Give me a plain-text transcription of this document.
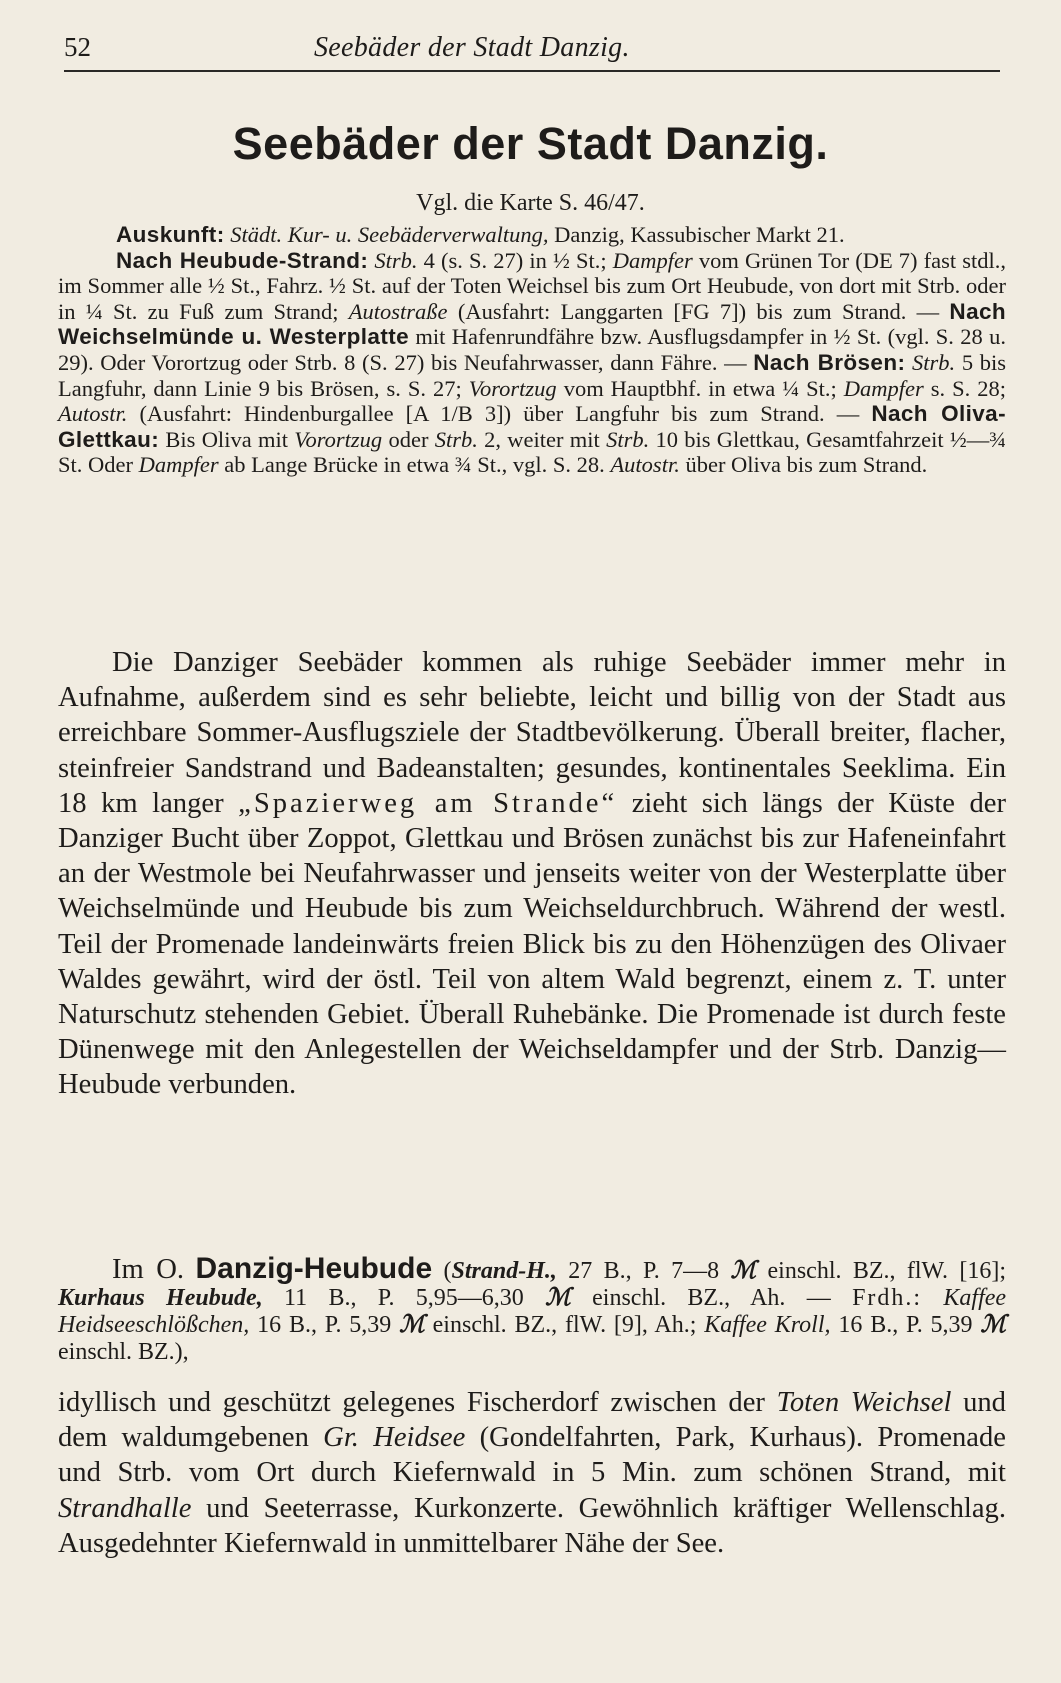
52	Seebäder der Stadt Danzig.
Seebäder der Stadt Danzig.
Vgl. die Karte S. 46/47.

Auskunft: Städt. Kur- u. Seebäderverwaltung, Danzig, Kassubischer Markt 21.

Nach Heubude-Strand: Strb. 4 (s. S. 27) in ½ St.; Dampfer vom Grünen Tor (DE 7) fast stdl., im Sommer alle ½ St., Fahrz. ½ St. auf der Toten Weichsel bis zum Ort Heubude, von dort mit Strb. oder in ¼ St. zu Fuß zum Strand; Autostraße (Ausfahrt: Langgarten [FG 7]) bis zum Strand. — Nach Weichselmünde u. Westerplatte mit Hafenrundfähre bzw. Ausflugsdampfer in ½ St. (vgl. S. 28 u. 29). Oder Vorortzug oder Strb. 8 (S. 27) bis Neufahrwasser, dann Fähre. — Nach Brösen: Strb. 5 bis Langfuhr, dann Linie 9 bis Brösen, s. S. 27; Vorortzug vom Hauptbhf. in etwa ¼ St.; Dampfer s. S. 28; Autostr. (Ausfahrt: Hindenburgallee [A 1/B 3]) über Langfuhr bis zum Strand. — Nach Oliva-Glettkau: Bis Oliva mit Vorortzug oder Strb. 2, weiter mit Strb. 10 bis Glettkau, Gesamtfahrzeit ½—¾ St. Oder Dampfer ab Lange Brücke in etwa ¾ St., vgl. S. 28. Autostr. über Oliva bis zum Strand.

Die Danziger Seebäder kommen als ruhige Seebäder immer mehr in Aufnahme, außerdem sind es sehr beliebte, leicht und billig von der Stadt aus erreichbare Sommer-Ausflugsziele der Stadtbevölkerung. Überall breiter, flacher, steinfreier Sandstrand und Badeanstalten; gesundes, kontinentales Seeklima. Ein 18 km langer „Spazierweg am Strande“ zieht sich längs der Küste der Danziger Bucht über Zoppot, Glettkau und Brösen zunächst bis zur Hafeneinfahrt an der Westmole bei Neufahrwasser und jenseits weiter von der Westerplatte über Weichselmünde und Heubude bis zum Weichseldurchbruch. Während der westl. Teil der Promenade landeinwärts freien Blick bis zu den Höhenzügen des Olivaer Waldes gewährt, wird der östl. Teil von altem Wald begrenzt, einem z. T. unter Naturschutz stehenden Gebiet. Überall Ruhebänke. Die Promenade ist durch feste Dünenwege mit den Anlegestellen der Weichseldampfer und der Strb. Danzig—Heubude verbunden.

Im O. Danzig-Heubude (Strand-H., 27 B., P. 7—8 ℳ einschl. BZ., flW. [16]; Kurhaus Heubude, 11 B., P. 5,95—6,30 ℳ einschl. BZ., Ah. — Frdh.: Kaffee Heidseeschlößchen, 16 B., P. 5,39 ℳ einschl. BZ., flW. [9], Ah.; Kaffee Kroll, 16 B., P. 5,39 ℳ einschl. BZ.),

idyllisch und geschützt gelegenes Fischerdorf zwischen der Toten Weichsel und dem waldumgebenen Gr. Heidsee (Gondelfahrten, Park, Kurhaus). Promenade und Strb. vom Ort durch Kiefernwald in 5 Min. zum schönen Strand, mit Strandhalle und Seeterrasse, Kurkonzerte. Gewöhnlich kräftiger Wellenschlag. Ausgedehnter Kiefernwald in unmittelbarer Nähe der See.
